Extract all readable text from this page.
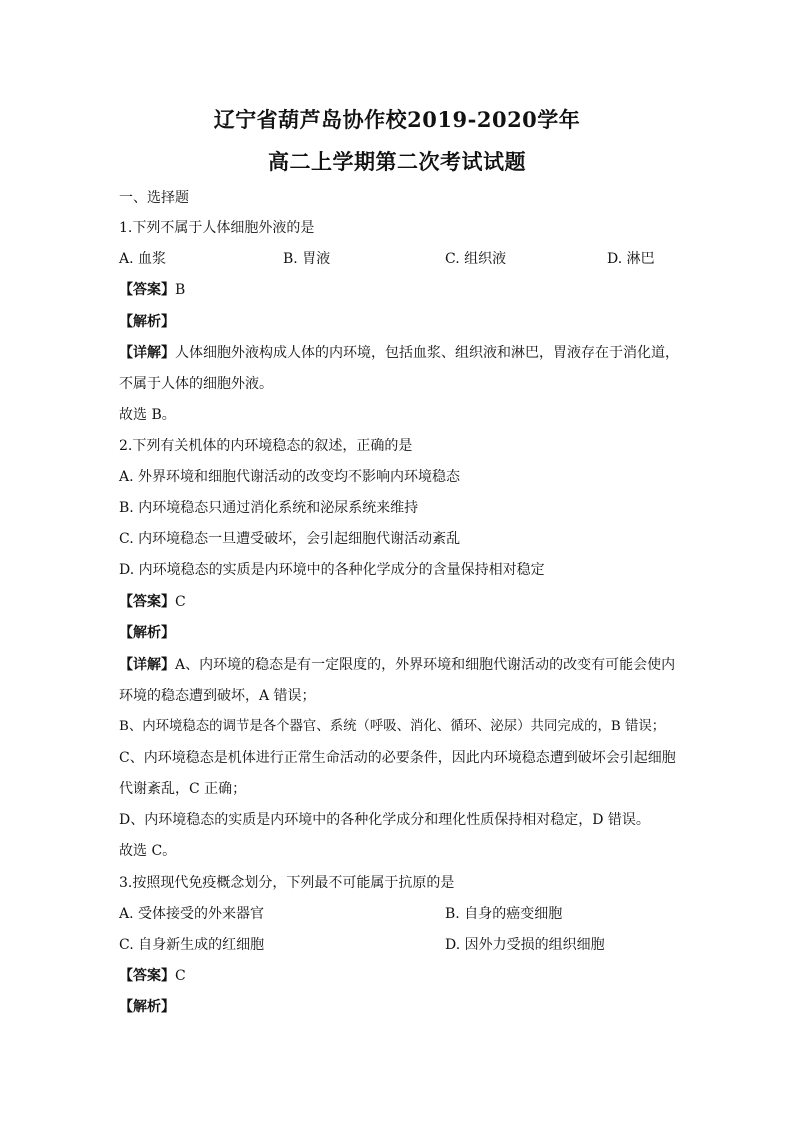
辽宁省葫芦岛协作校2019-2020学年
高二上学期第二次考试试题
一、选择题
1.下列不属于人体细胞外液的是
A. 血浆	B. 胃液	C. 组织液	D. 淋巴
【答案】B
【解析】
【详解】人体细胞外液构成人体的内环境，包括血浆、组织液和淋巴，胃液存在于消化道，
不属于人体的细胞外液。
故选 B。
2.下列有关机体的内环境稳态的叙述，正确的是
A. 外界环境和细胞代谢活动的改变均不影响内环境稳态
B. 内环境稳态只通过消化系统和泌尿系统来维持
C. 内环境稳态一旦遭受破坏，会引起细胞代谢活动紊乱
D. 内环境稳态的实质是内环境中的各种化学成分的含量保持相对稳定
【答案】C
【解析】
【详解】A、内环境的稳态是有一定限度的，外界环境和细胞代谢活动的改变有可能会使内
环境的稳态遭到破坏，A 错误；
B、内环境稳态的调节是各个器官、系统（呼吸、消化、循环、泌尿）共同完成的，B 错误；
C、内环境稳态是机体进行正常生命活动的必要条件，因此内环境稳态遭到破坏会引起细胞
代谢紊乱，C 正确；
D、内环境稳态的实质是内环境中的各种化学成分和理化性质保持相对稳定，D 错误。
故选 C。
3.按照现代免疫概念划分，下列最不可能属于抗原的是
A. 受体接受的外来器官	B. 自身的癌变细胞
C. 自身新生成的红细胞	D. 因外力受损的组织细胞
【答案】C
【解析】
